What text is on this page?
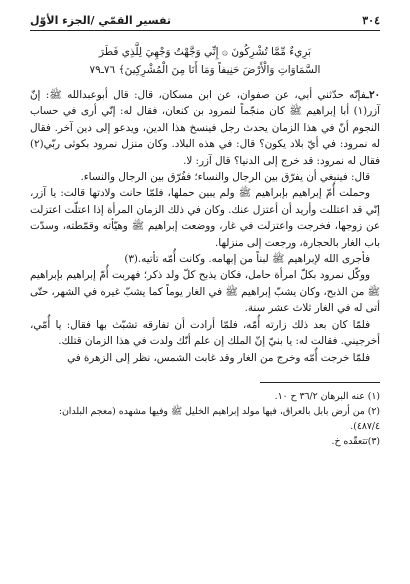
٣٠٤
تفسير القمّي /الجزء الأوّل
بَرِيءٌ مِّمَّا تُشْرِكُونَ ۞ إِنِّي وَجَّهْتُ وَجْهِيَ لِلَّذِي فَطَرَ
السَّمَاوَاتِ وَالْأَرْضَ حَنِيفاً وَمَا أَنَا مِنَ الْمُشْرِكِينَ﴾ ٧٦ـ٧٩

٢٠ـفإنّه حدّثني أبي، عن صفوان، عن ابن مسكان، قال: قال أبوعبدالله ﷺ: إنّ آزر(١) أبا إبراهيم ﷺ كان منجّماً لنمرود بن كنعان، فقال له: إنّي أرى في حساب النجوم أنّ في هذا الزمان يحدث رجل فينسخ هذا الدين، ويدعو إلى دين آخر. فقال له نمرود: في أيّ بلاد يكون؟ قال: في هذه البلاد. وكان منزل نمرود بكوثى ربّي(٢) فقال له نمرود: قد خرج إلى الدنيا؟ قال آزر: لا.

قال: فينبغي أن يفرّق بين الرجال والنساء؛ ففُرّق بين الرجال والنساء.

وحملت أُمّ إبراهيم بإبراهيم ﷺ ولم يبين حملها، فلمّا حانت ولادتها قالت: يا آزر، إنّي قد اعتللت وأريد أن أعتزل عنك. وكان في ذلك الزمان المرأة إذا اعتلّت اعتزلت عن زوجها، فخرجت واعتزلت في غار، ووضعت إبراهيم ﷺ وهيّأته وقمّطته، وسدّت باب الغار بالحجارة، ورجعت إلى منزلها.

فأجرى الله لإبراهيم ﷺ لبناً من إبهامه. وكانت أُمّه تأتيه.(٣)

ووكّل نمرود بكلّ امرأة حامل، فكان يذبح كلّ ولد ذكر؛ فهربت أُمّ إبراهيم بإبراهيم ﷺ من الذبح، وكان يشبّ إبراهيم ﷺ في الغار يوماً كما يشبّ غيره في الشهر، حتّى أتى له في الغار ثلاث عشر سنة.

فلمّا كان بعد ذلك زارته أُمّه، فلمّا أرادت أن تفارقه تشبّث بها فقال: يا أُمّي، أخرجيني. فقالت له: يا بنيّ إنّ الملك إن علم أنّك ولدت في هذا الزمان قتلك.

فلمّا خرجت أُمّه وخرج من الغار وقد غابت الشمس، نظر إلى الزهرة في

(١) عنه البرهان ٣٦/٢ ح ١٠.
(٢) من أرض بابل بالعراق، فيها مولد إبراهيم الخليل ﷺ وفيها مشهده (معجم البلدان: ٤٨٧/٤).
(٣)تتعقّده خ.
